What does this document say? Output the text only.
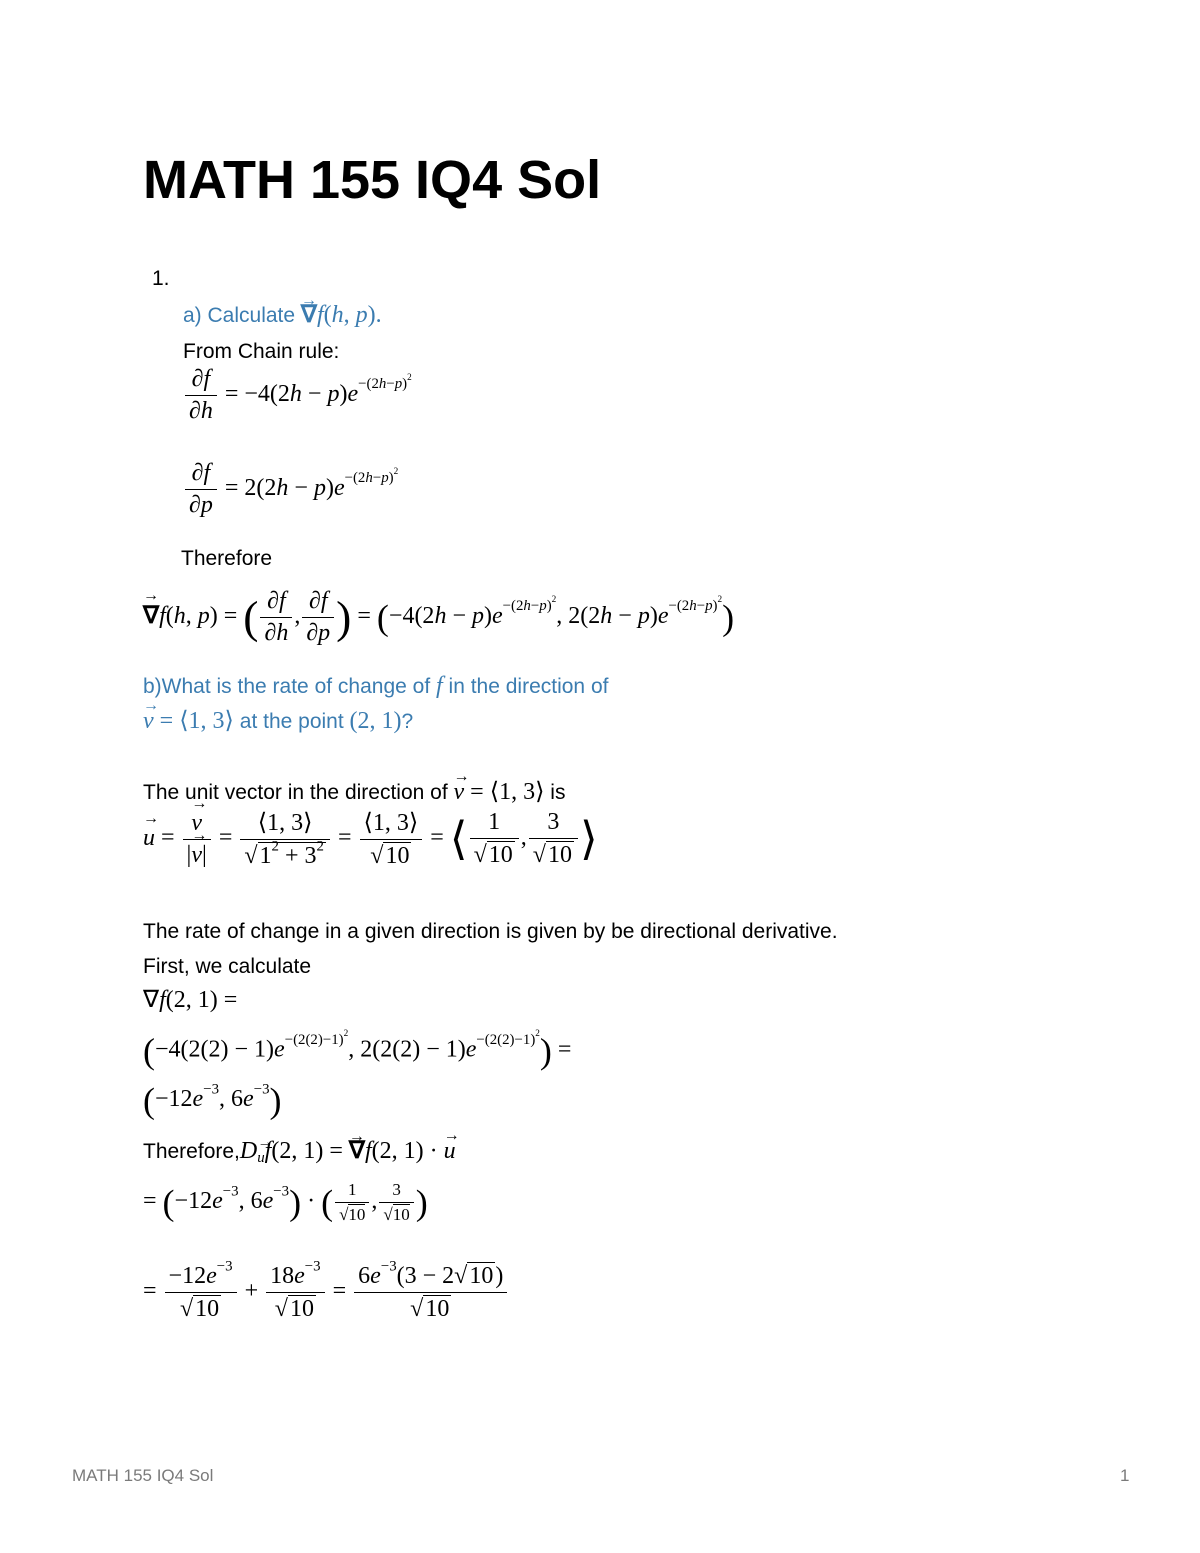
MATH 155 IQ4 Sol
1.
a) Calculate → ∇f(h, p).
From Chain rule:
$\frac{\partial f}{\partial h} = -4(2h - p)e^{-(2h-p)^2}$
$\frac{\partial f}{\partial p} = 2(2h - p)e^{-(2h-p)^2}$
Therefore
→ ∇f(h, p) = ( $\frac{\partial f}{\partial h}$ , $\frac{\partial f}{\partial p}$ ) = ($-4(2h - p)e^{-(2h-p)^2}$, $2(2h - p)e^{-(2h-p)^2}$)
b)What is the rate of change of f in the direction of
→ v = ⟨1, 3⟩ at the point (2, 1)?
The unit vector in the direction of → v = ⟨1, 3⟩ is
→ u = → $\frac{v}{|\to v|} = \frac{⟨1, 3⟩}{√1^2 + 3^2} = \frac{⟨1, 3⟩}{√10}$ = ⟨ $\frac{1}{√10}$ , $\frac{3}{√10}$ ⟩
The rate of change in a given direction is given by be directional derivative.
First, we calculate
∇f(2, 1) =
($-4(2(2) - 1)e^{-(2(2)-1)^2}$, $2(2(2) - 1)e^{-(2(2)-1)^2}$) =
($-12e^{-3}$, $6e^{-3}$)
$Therefore,D_uf(2$, 1) = → ∇f(2, 1) · → u
= ($-12e^{-3}$, $6e^{-3}$) · ( $\frac{1}{√10}$ , $\frac{3}{√10}$ )
= $\frac{-12e^{-3}}{√10} + \frac{18e^{-3}}{√10} = \frac{6e^{-3}(3 - 2√10)}{√10}$
MATH 155 IQ4 Sol	1
